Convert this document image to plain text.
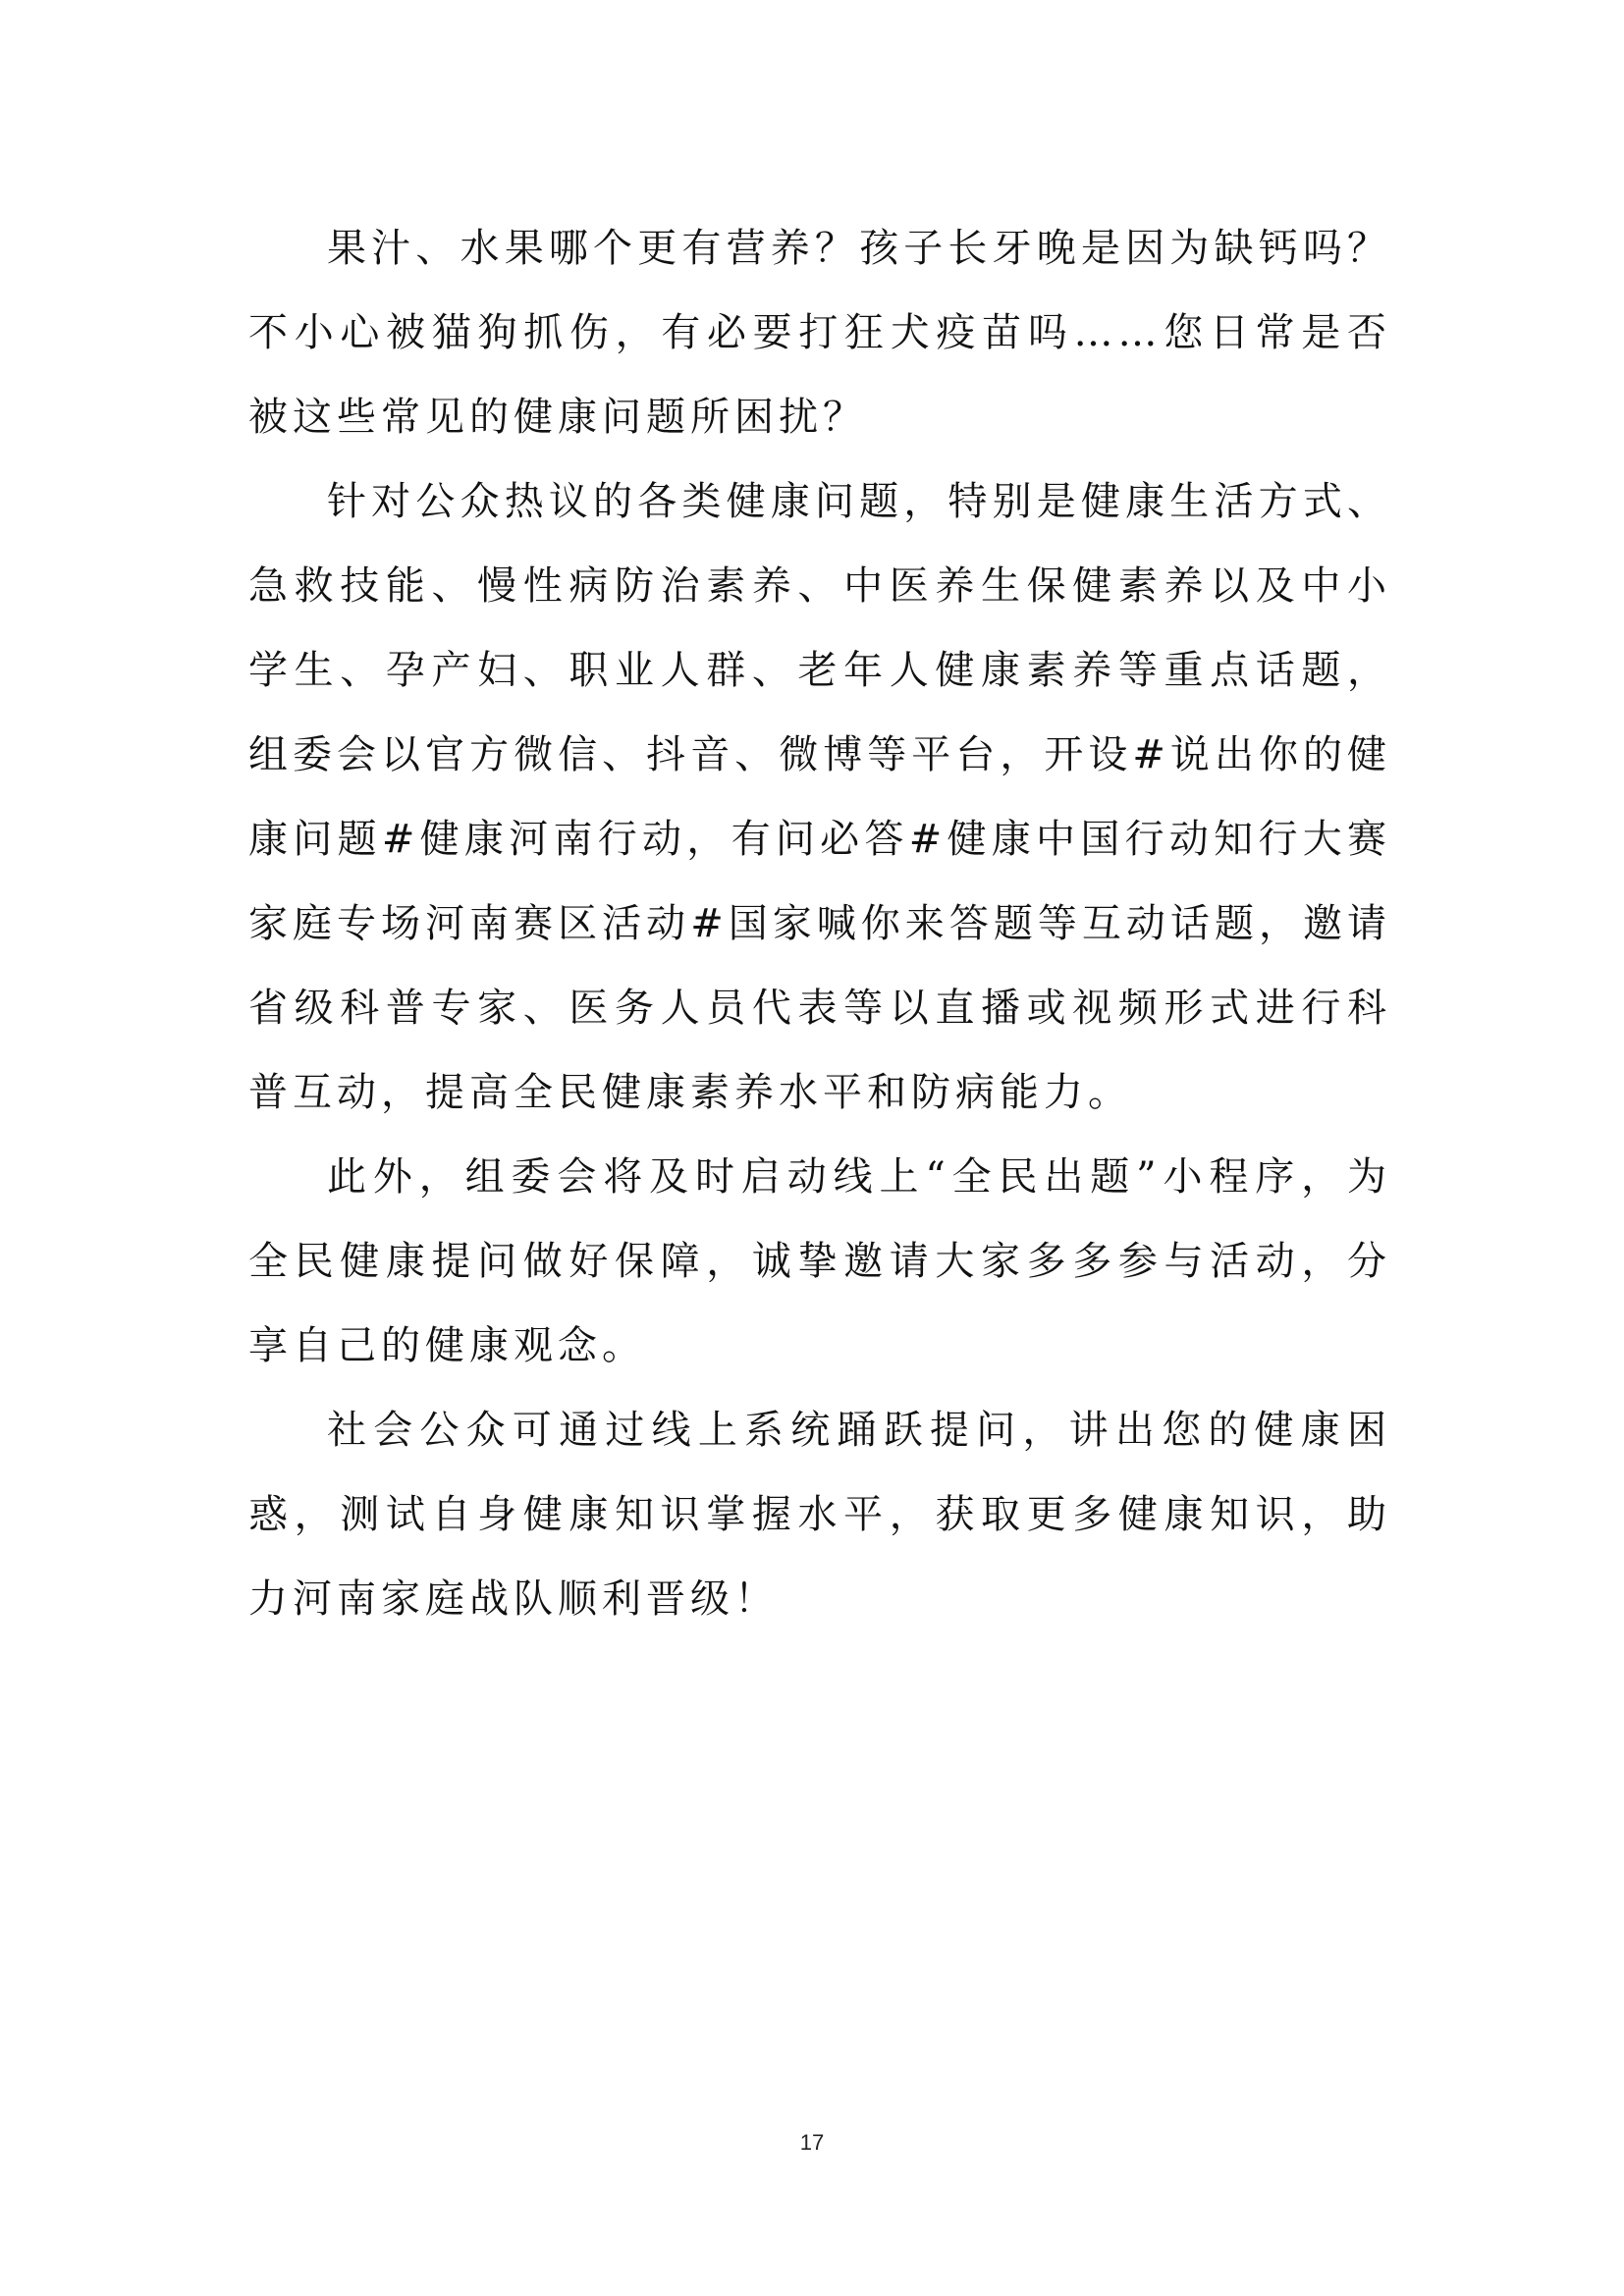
果汁、水果哪个更有营养？孩子长牙晚是因为缺钙吗？不小心被猫狗抓伤，有必要打狂犬疫苗吗……您日常是否被这些常见的健康问题所困扰？

针对公众热议的各类健康问题，特别是健康生活方式、急救技能、慢性病防治素养、中医养生保健素养以及中小学生、孕产妇、职业人群、老年人健康素养等重点话题，组委会以官方微信、抖音、微博等平台，开设#说出你的健康问题#健康河南行动，有问必答#健康中国行动知行大赛家庭专场河南赛区活动#国家喊你来答题等互动话题，邀请省级科普专家、医务人员代表等以直播或视频形式进行科普互动，提高全民健康素养水平和防病能力。

此外，组委会将及时启动线上“全民出题”小程序，为全民健康提问做好保障，诚挚邀请大家多多参与活动，分享自己的健康观念。

社会公众可通过线上系统踊跃提问，讲出您的健康困惑，测试自身健康知识掌握水平，获取更多健康知识，助力河南家庭战队顺利晋级！

17
